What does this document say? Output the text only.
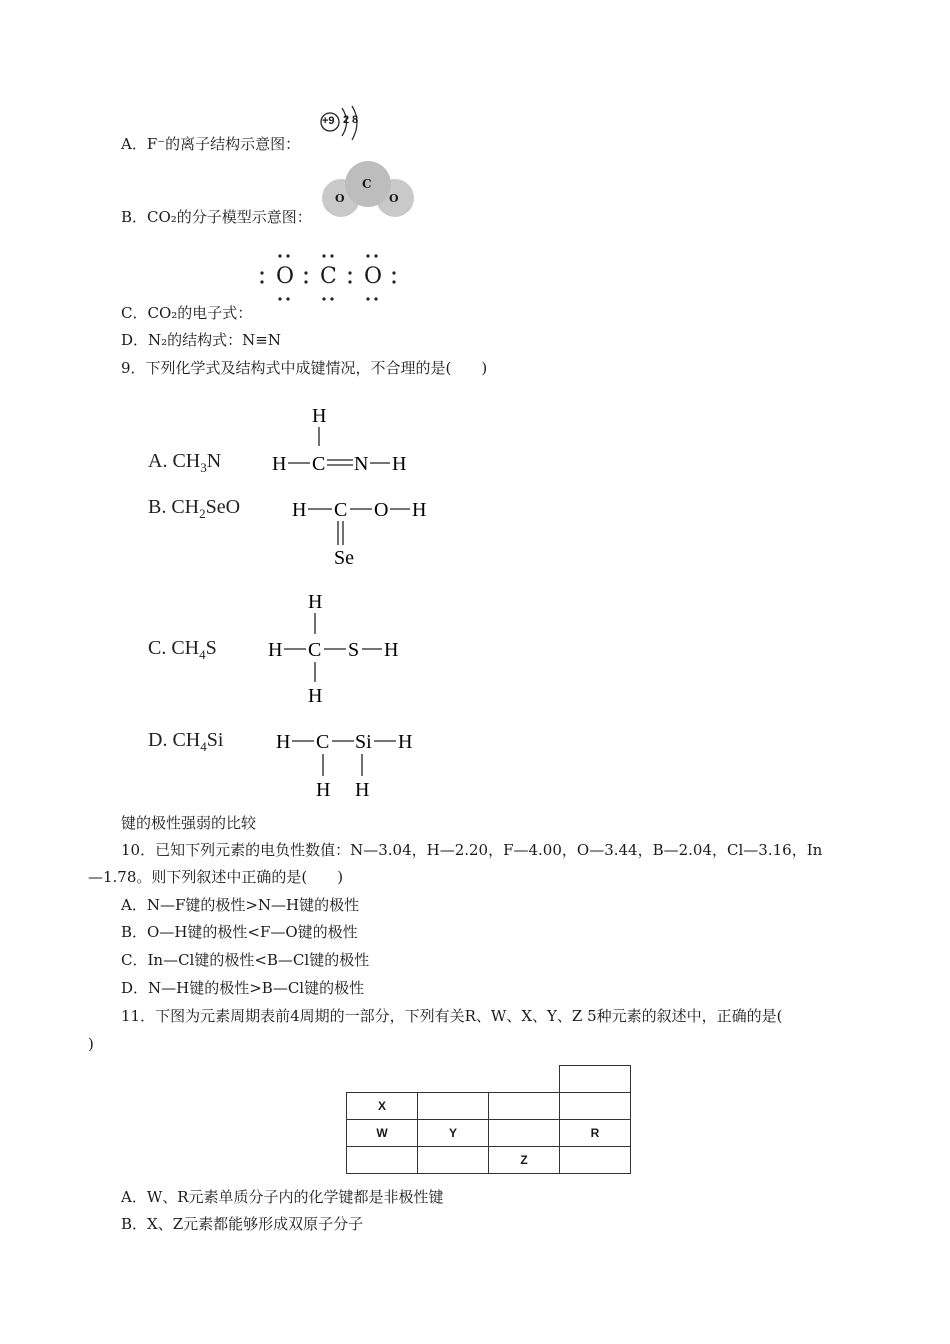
A．F⁻的离子结构示意图：
+9 2 8
B．CO₂的分子模型示意图：
C
O	O
O C O
C．CO₂的电子式：
D．N₂的结构式：N≡N
9．下列化学式及结构式中成键情况，不合理的是(　　)
A. $CH_3N$
H
H C N H
B. $CH_2SeO$	H C O H
Se
C. $CH_4S$
H
H C S H
H
D. $CH_4Si$	H C Si H
H H
键的极性强弱的比较
10．已知下列元素的电负性数值：N—3.04，H—2.20，F—4.00，O—3.44，B—2.04，Cl—3.16，In
—1.78。则下列叙述中正确的是(　　)
A．N—F键的极性>N—H键的极性
B．O—H键的极性<F—O键的极性
C．In—Cl键的极性<B—Cl键的极性
D．N—H键的极性>B—Cl键的极性
11．下图为元素周期表前4周期的一部分，下列有关R、W、X、Y、Z 5种元素的叙述中，正确的是(
)

X			
W	Y		R
		Z	
A．W、R元素单质分子内的化学键都是非极性键
B．X、Z元素都能够形成双原子分子
